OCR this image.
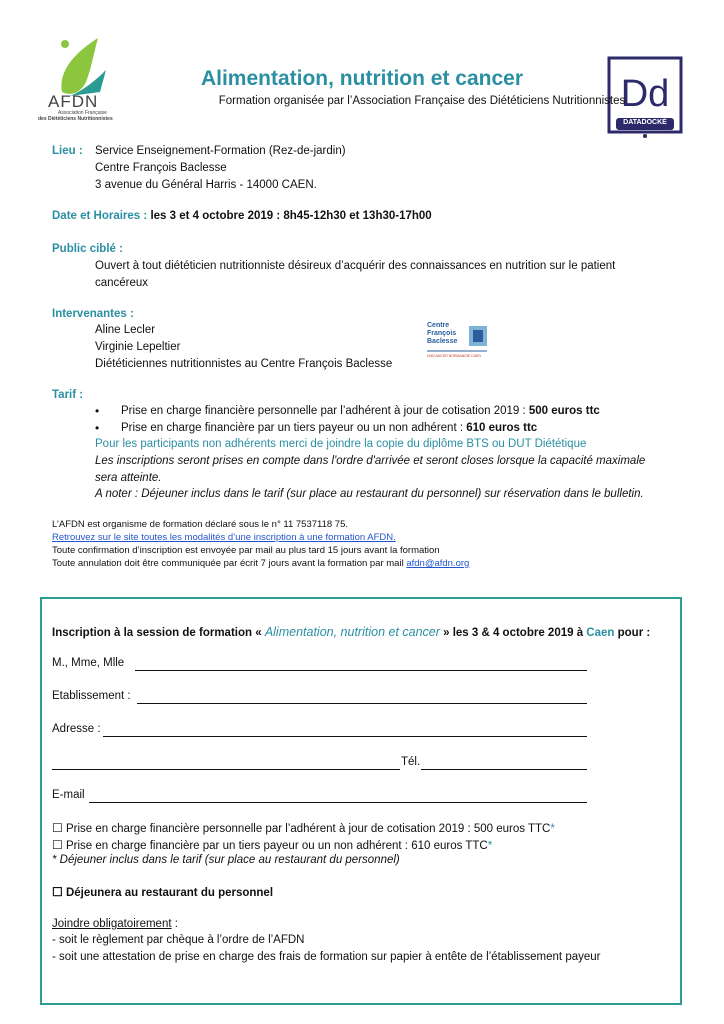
AFDN
Association Française
des Diététiciens Nutritionnistes
Dd
DATADOCKÉ
Alimentation, nutrition et cancer
Formation organisée par l’Association Française des Diététiciens Nutritionnistes
Lieu : Service Enseignement-Formation (Rez-de-jardin)
Centre François Baclesse
3 avenue du Général Harris - 14000 CAEN.
Date et Horaires : les 3 et 4 octobre 2019 : 8h45-12h30 et 13h30-17h00
Public ciblé :
Ouvert à tout diététicien nutritionniste désireux d’acquérir des connaissances en nutrition sur le patient
cancéreux
Intervenantes :
Aline Lecler
Virginie Lepeltier
Diététiciennes nutritionnistes au Centre François Baclesse
Centre
François
Baclesse
UNICANCER NORMANDIE CAEN
Tarif :
• Prise en charge financière personnelle par l’adhérent à jour de cotisation 2019 : 500 euros ttc
• Prise en charge financière par un tiers payeur ou un non adhérent : 610 euros ttc
Pour les participants non adhérents merci de joindre la copie du diplôme BTS ou DUT Diététique
Les inscriptions seront prises en compte dans l'ordre d'arrivée et seront closes lorsque la capacité maximale
sera atteinte.
A noter : Déjeuner inclus dans le tarif (sur place au restaurant du personnel) sur réservation dans le bulletin.
L’AFDN est organisme de formation déclaré sous le n° 11 7537118 75.
Retrouvez sur le site toutes les modalités d’une inscription à une formation AFDN.
Toute confirmation d’inscription est envoyée par mail au plus tard 15 jours avant la formation
Toute annulation doit être communiquée par écrit 7 jours avant la formation par mail afdn@afdn.org
Inscription à la session de formation « Alimentation, nutrition et cancer » les 3 & 4 octobre 2019 à Caen pour :
M., Mme, Mlle
Etablissement :
Adresse :
Tél.
E-mail
☐ Prise en charge financière personnelle par l’adhérent à jour de cotisation 2019 : 500 euros TTC*
☐ Prise en charge financière par un tiers payeur ou un non adhérent : 610 euros TTC*
* Déjeuner inclus dans le tarif (sur place au restaurant du personnel)
☐ Déjeunera au restaurant du personnel
Joindre obligatoirement :
- soit le règlement par chèque à l’ordre de l’AFDN
- soit une attestation de prise en charge des frais de formation sur papier à entête de l’établissement payeur
